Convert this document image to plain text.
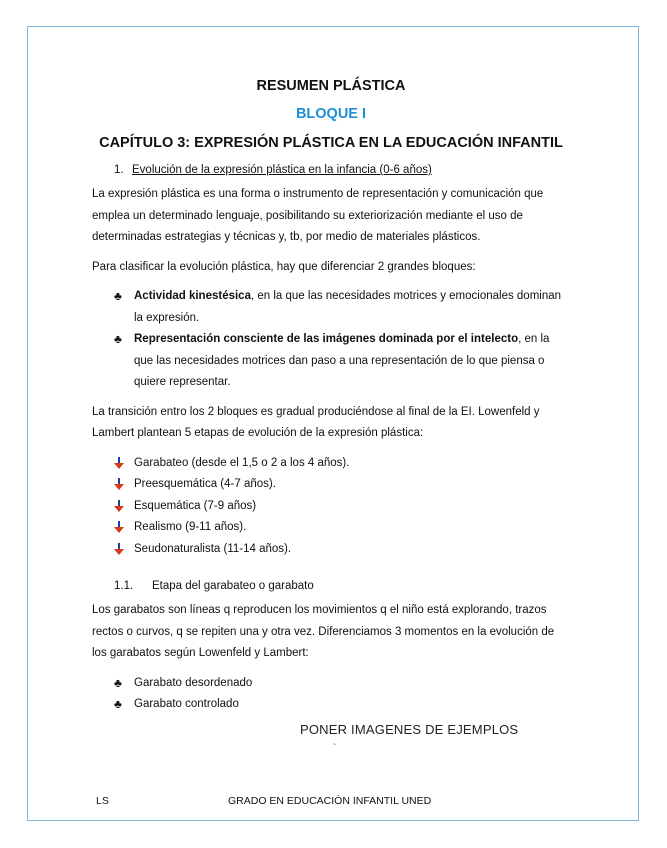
RESUMEN PLÁSTICA
BLOQUE I
CAPÍTULO 3: EXPRESIÓN PLÁSTICA EN LA EDUCACIÓN INFANTIL
1. Evolución de la expresión plástica en la infancia (0-6 años)

La expresión plástica es una forma o instrumento de representación y comunicación que emplea un determinado lenguaje, posibilitando su exteriorización mediante el uso de determinadas estrategias y técnicas y, tb, por medio de materiales plásticos.

Para clasificar la evolución plástica, hay que diferenciar 2 grandes bloques:

♣ Actividad kinestésica, en la que las necesidades motrices y emocionales dominan la expresión.
♣ Representación consciente de las imágenes dominada por el intelecto, en la que las necesidades motrices dan paso a una representación de lo que piensa o quiere representar.

La transición entro los 2 bloques es gradual produciéndose al final de la EI. Lowenfeld y Lambert plantean 5 etapas de evolución de la expresión plástica:

Garabateo (desde el 1,5 o 2 a los 4 años).
Preesquemática (4-7 años).
Esquemática (7-9 años)
Realismo (9-11 años).
Seudonaturalista (11-14 años).
1.1. Etapa del garabateo o garabato

Los garabatos son líneas q reproducen los movimientos q el niño está explorando, trazos rectos o curvos, q se repiten una y otra vez. Diferenciamos 3 momentos en la evolución de los garabatos según Lowenfeld y Lambert:

♣ Garabato desordenado
♣ Garabato controlado
PONER IMAGENES DE EJEMPLOS
`
LS	GRADO EN EDUCACIÓN INFANTIL UNED
